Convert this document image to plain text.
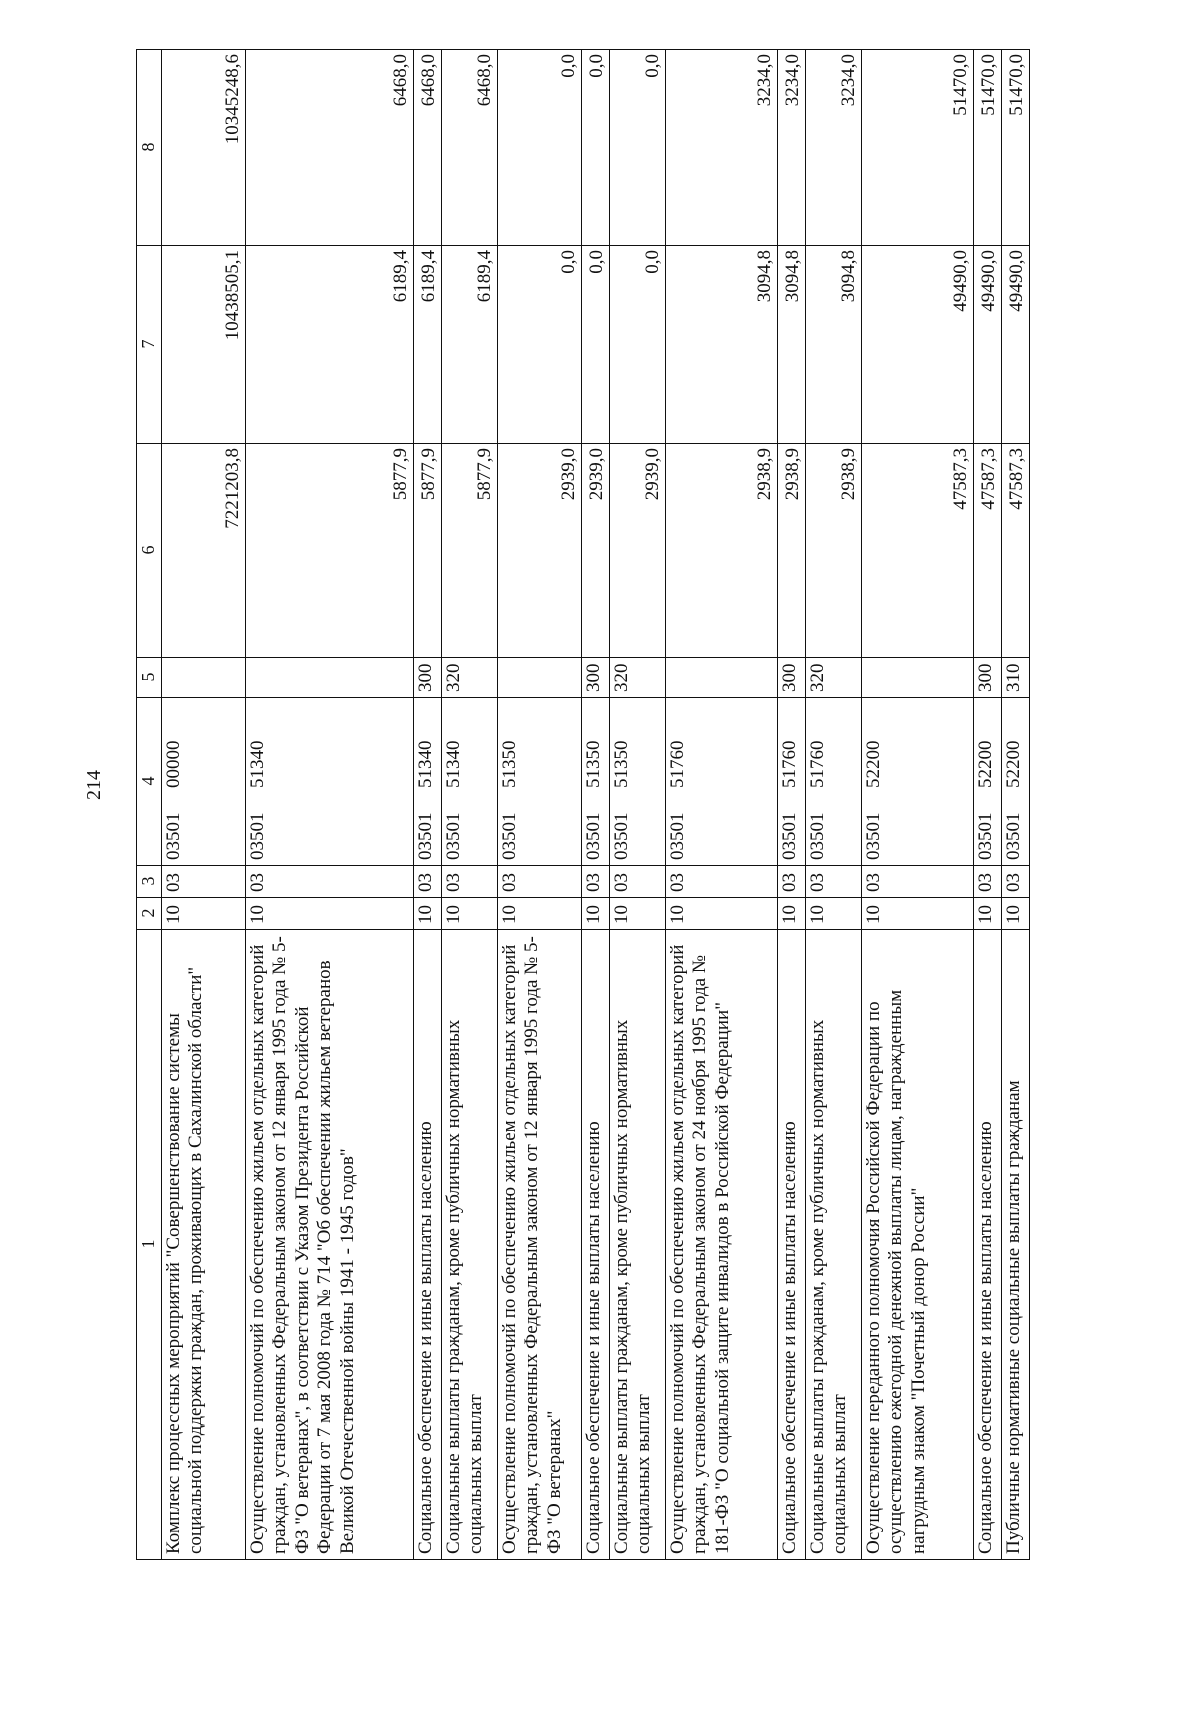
214
1	2	3	4	5	6	7	8
Комплекс процессных мероприятий "Совершенствование системы социальной поддержки граждан, проживающих в Сахалинской области"	10	03	0350100000		7221203,8	10438505,1	10345248,6
Осуществление полномочий по обеспечению жильем отдельных категорий граждан, установленных Федеральным законом от 12 января 1995 года № 5-ФЗ "О ветеранах", в соответствии с Указом Президента Российской Федерации от 7 мая 2008 года № 714 "Об обеспечении жильем ветеранов Великой Отечественной войны 1941 - 1945 годов"	10	03	0350151340		5877,9	6189,4	6468,0
Социальное обеспечение и иные выплаты населению	10	03	0350151340	300	5877,9	6189,4	6468,0
Социальные выплаты гражданам, кроме публичных нормативных социальных выплат	10	03	0350151340	320	5877,9	6189,4	6468,0
Осуществление полномочий по обеспечению жильем отдельных категорий граждан, установленных Федеральным законом от 12 января 1995 года № 5-ФЗ "О ветеранах"	10	03	0350151350		2939,0	0,0	0,0
Социальное обеспечение и иные выплаты населению	10	03	0350151350	300	2939,0	0,0	0,0
Социальные выплаты гражданам, кроме публичных нормативных социальных выплат	10	03	0350151350	320	2939,0	0,0	0,0
Осуществление полномочий по обеспечению жильем отдельных категорий граждан, установленных Федеральным законом от 24 ноября 1995 года № 181-ФЗ "О социальной защите инвалидов в Российской Федерации"	10	03	0350151760		2938,9	3094,8	3234,0
Социальное обеспечение и иные выплаты населению	10	03	0350151760	300	2938,9	3094,8	3234,0
Социальные выплаты гражданам, кроме публичных нормативных социальных выплат	10	03	0350151760	320	2938,9	3094,8	3234,0
Осуществление переданного полномочия Российской Федерации по осуществлению ежегодной денежной выплаты лицам, награжденным нагрудным знаком "Почетный донор России"	10	03	0350152200		47587,3	49490,0	51470,0
Социальное обеспечение и иные выплаты населению	10	03	0350152200	300	47587,3	49490,0	51470,0
Публичные нормативные социальные выплаты гражданам	10	03	0350152200	310	47587,3	49490,0	51470,0
